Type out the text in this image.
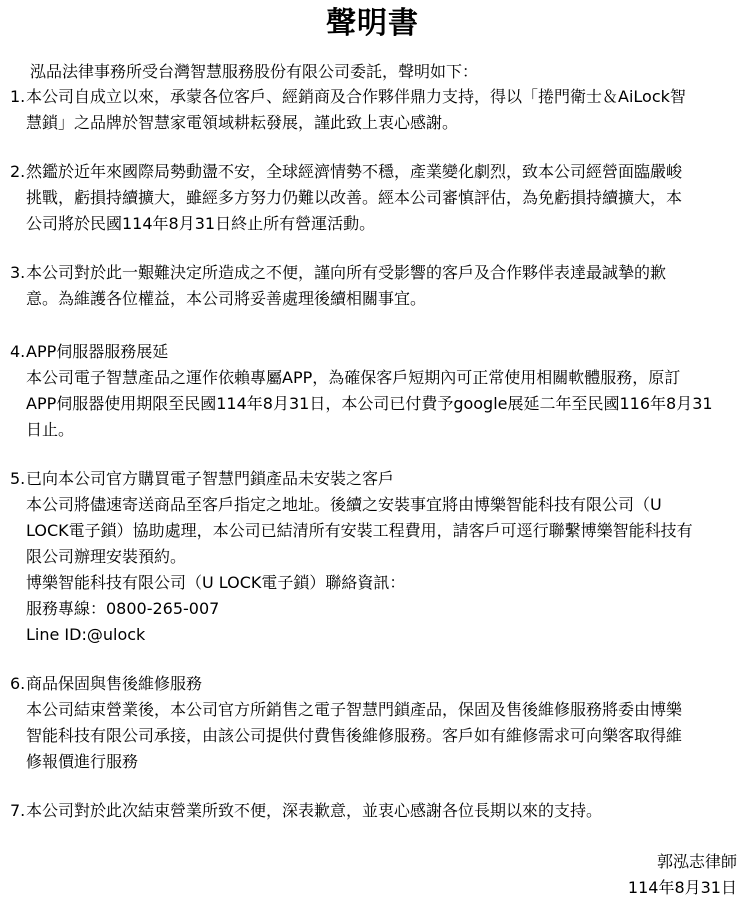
聲明書
泓品法律事務所受台灣智慧服務股份有限公司委託，聲明如下：
1.本公司自成立以來，承蒙各位客戶、經銷商及合作夥伴鼎力支持，得以「捲門衛士＆AiLock智
慧鎖」之品牌於智慧家電領域耕耘發展，謹此致上衷心感謝。
2.然鑑於近年來國際局勢動盪不安，全球經濟情勢不穩，產業變化劇烈，致本公司經營面臨嚴峻
挑戰，虧損持續擴大，雖經多方努力仍難以改善。經本公司審慎評估，為免虧損持續擴大，本
公司將於民國114年8月31日終止所有營運活動。
3.本公司對於此一艱難決定所造成之不便，謹向所有受影響的客戶及合作夥伴表達最誠摯的歉
意。為維護各位權益，本公司將妥善處理後續相關事宜。
4.APP伺服器服務展延
本公司電子智慧產品之運作依賴專屬APP，為確保客戶短期內可正常使用相關軟體服務，原訂
APP伺服器使用期限至民國114年8月31日，本公司已付費予google展延二年至民國116年8月31
日止。
5.已向本公司官方購買電子智慧門鎖產品未安裝之客戶
本公司將儘速寄送商品至客戶指定之地址。後續之安裝事宜將由博樂智能科技有限公司（U
LOCK電子鎖）協助處理，本公司已結清所有安裝工程費用，請客戶可逕行聯繫博樂智能科技有
限公司辦理安裝預約。
博樂智能科技有限公司（U LOCK電子鎖）聯絡資訊：
服務專線：0800-265-007
Line ID:@ulock
6.商品保固與售後維修服務
本公司結束營業後，本公司官方所銷售之電子智慧門鎖產品，保固及售後維修服務將委由博樂
智能科技有限公司承接，由該公司提供付費售後維修服務。客戶如有維修需求可向樂客取得維
修報價進行服務
7.本公司對於此次結束營業所致不便，深表歉意，並衷心感謝各位長期以來的支持。
郭泓志律師
114年8月31日
